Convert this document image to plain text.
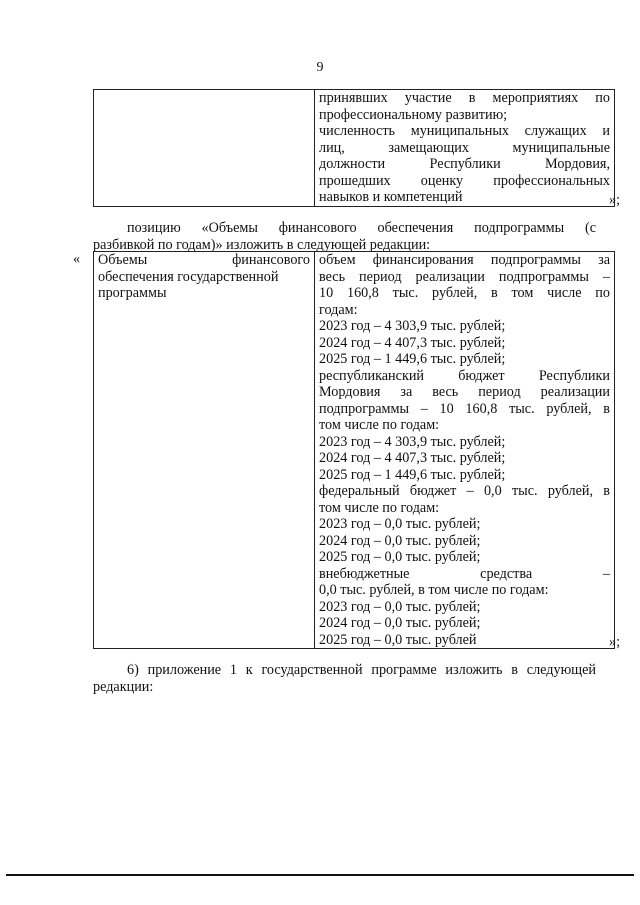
9

принявших участие в мероприятиях по
профессиональному развитию;
численность муниципальных служащих и
лиц, замещающих муниципальные
должности Республики Мордовия,
прошедших оценку профессиональных
навыков и компетенций	»;
позицию «Объемы финансового обеспечения подпрограммы (с
разбивкой по годам)» изложить в следующей редакции:
« Объемы финансового
обеспечения государственной
программы

объем финансирования подпрограммы за
весь период реализации подпрограммы –
10 160,8 тыс. рублей, в том числе по
годам:
2023 год – 4 303,9 тыс. рублей;
2024 год – 4 407,3 тыс. рублей;
2025 год – 1 449,6 тыс. рублей;
республиканский бюджет Республики
Мордовия за весь период реализации
подпрограммы – 10 160,8 тыс. рублей, в
том числе по годам:
2023 год – 4 303,9 тыс. рублей;
2024 год – 4 407,3 тыс. рублей;
2025 год – 1 449,6 тыс. рублей;
федеральный бюджет – 0,0 тыс. рублей, в
том числе по годам:
2023 год – 0,0 тыс. рублей;
2024 год – 0,0 тыс. рублей;
2025 год – 0,0 тыс. рублей;
внебюджетные средства –
0,0 тыс. рублей, в том числе по годам:
2023 год – 0,0 тыс. рублей;
2024 год – 0,0 тыс. рублей;
2025 год – 0,0 тыс. рублей	»;
6) приложение 1 к государственной программе изложить в следующей
редакции:
